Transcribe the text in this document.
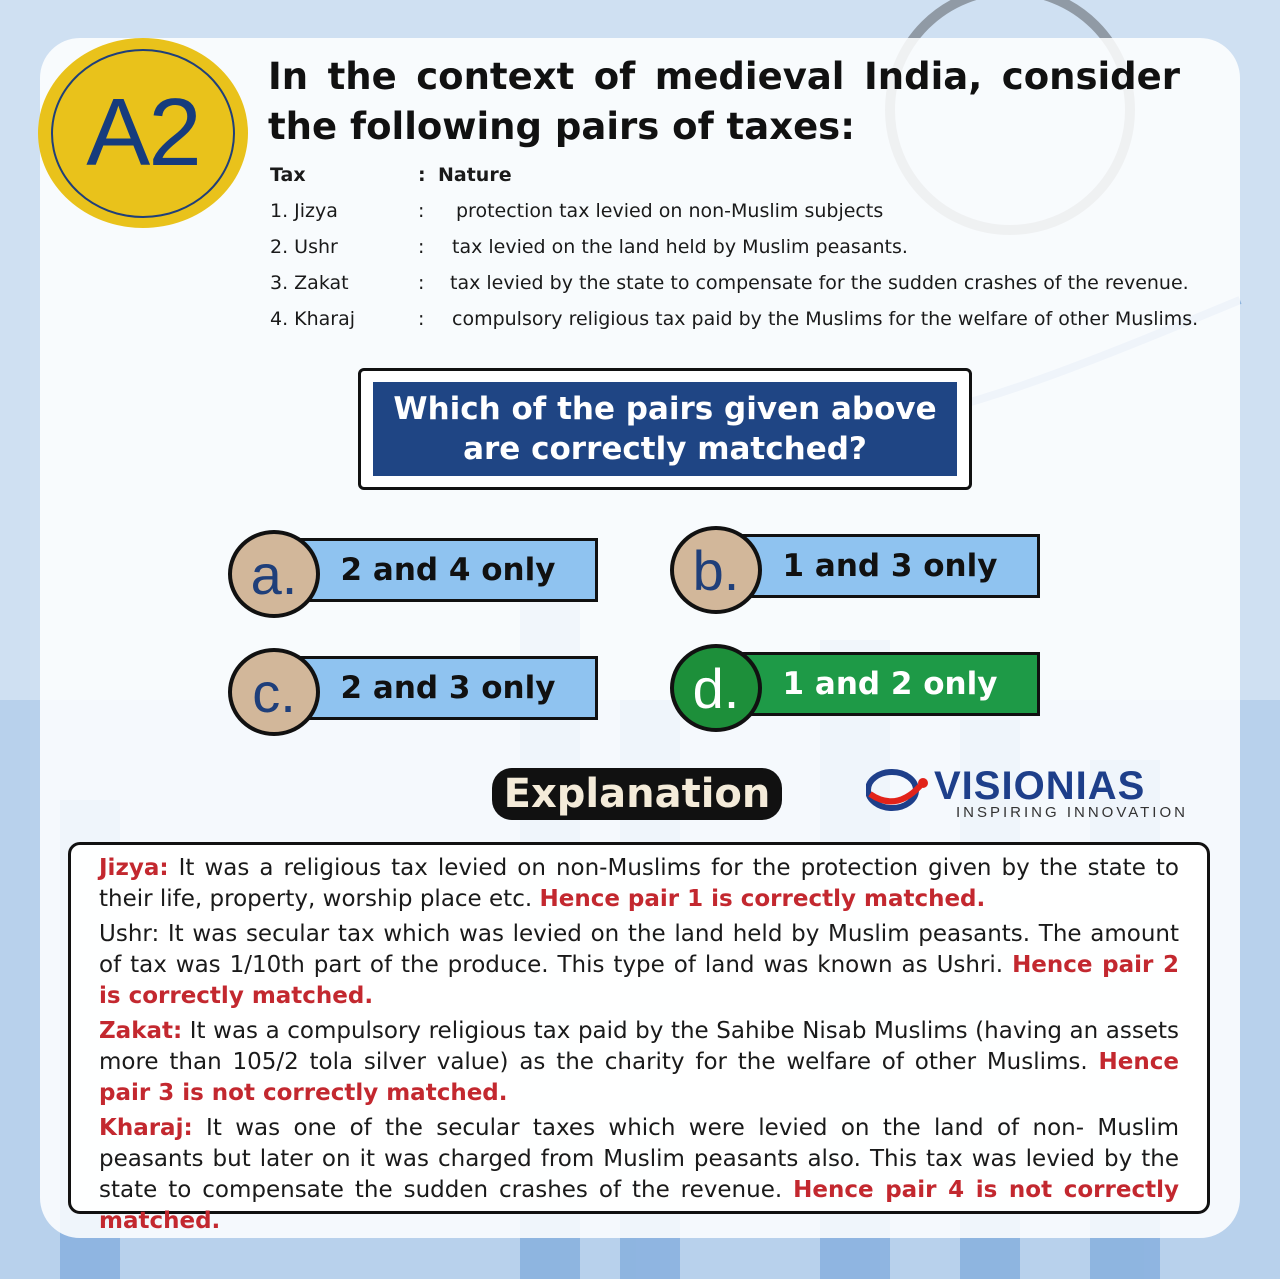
A2
In the context of medieval India, consider the following pairs of taxes:
Tax	: Nature
1. Jizya	: protection tax levied on non-Muslim subjects
2. Ushr	: tax levied on the land held by Muslim peasants.
3. Zakat	: tax levied by the state to compensate for the sudden crashes of the revenue.
4. Kharaj	: compulsory religious tax paid by the Muslims for the welfare of other Muslims.
Which of the pairs given above are correctly matched?
a.	2 and 4 only	b.	1 and 3 only
c.	2 and 3 only	d.	1 and 2 only
Explanation	VISIONIAS
INSPIRING INNOVATION

Jizya: It was a religious tax levied on non-Muslims for the protection given by the state to their life, property, worship place etc. Hence pair 1 is correctly matched.

Ushr: It was secular tax which was levied on the land held by Muslim peasants. The amount of tax was 1/10th part of the produce. This type of land was known as Ushri. Hence pair 2 is correctly matched.

Zakat: It was a compulsory religious tax paid by the Sahibe Nisab Muslims (having an assets more than 105/2 tola silver value) as the charity for the welfare of other Muslims. Hence pair 3 is not correctly matched.

Kharaj: It was one of the secular taxes which were levied on the land of non- Muslim peasants but later on it was charged from Muslim peasants also. This tax was levied by the state to compensate the sudden crashes of the revenue. Hence pair 4 is not correctly matched.
